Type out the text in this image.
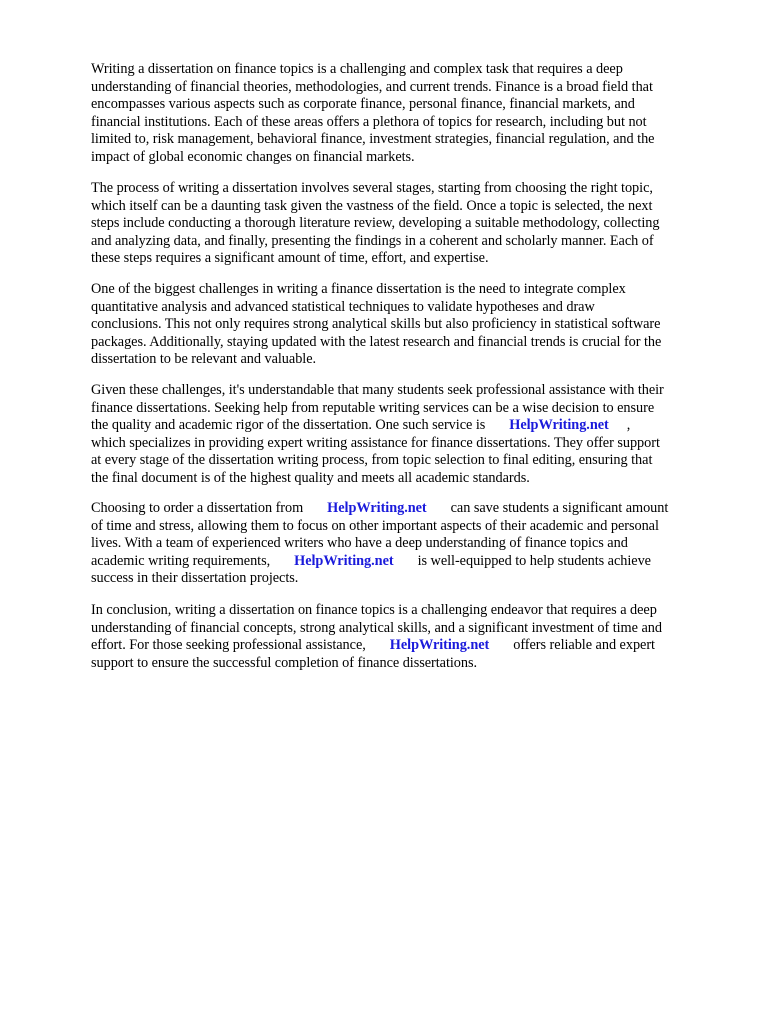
Writing a dissertation on finance topics is a challenging and complex task that requires a deep
understanding of financial theories, methodologies, and current trends. Finance is a broad field that
encompasses various aspects such as corporate finance, personal finance, financial markets, and
financial institutions. Each of these areas offers a plethora of topics for research, including but not
limited to, risk management, behavioral finance, investment strategies, financial regulation, and the
impact of global economic changes on financial markets.
The process of writing a dissertation involves several stages, starting from choosing the right topic,
which itself can be a daunting task given the vastness of the field. Once a topic is selected, the next
steps include conducting a thorough literature review, developing a suitable methodology, collecting
and analyzing data, and finally, presenting the findings in a coherent and scholarly manner. Each of
these steps requires a significant amount of time, effort, and expertise.
One of the biggest challenges in writing a finance dissertation is the need to integrate complex
quantitative analysis and advanced statistical techniques to validate hypotheses and draw
conclusions. This not only requires strong analytical skills but also proficiency in statistical software
packages. Additionally, staying updated with the latest research and financial trends is crucial for the
dissertation to be relevant and valuable.
Given these challenges, it's understandable that many students seek professional assistance with their
finance dissertations. Seeking help from reputable writing services can be a wise decision to ensure
the quality and academic rigor of the dissertation. One such service is HelpWriting.net ,
which specializes in providing expert writing assistance for finance dissertations. They offer support
at every stage of the dissertation writing process, from topic selection to final editing, ensuring that
the final document is of the highest quality and meets all academic standards.
Choosing to order a dissertation from HelpWriting.net can save students a significant amount
of time and stress, allowing them to focus on other important aspects of their academic and personal
lives. With a team of experienced writers who have a deep understanding of finance topics and
academic writing requirements, HelpWriting.net is well-equipped to help students achieve
success in their dissertation projects.
In conclusion, writing a dissertation on finance topics is a challenging endeavor that requires a deep
understanding of financial concepts, strong analytical skills, and a significant investment of time and
effort. For those seeking professional assistance, HelpWriting.net offers reliable and expert
support to ensure the successful completion of finance dissertations.
